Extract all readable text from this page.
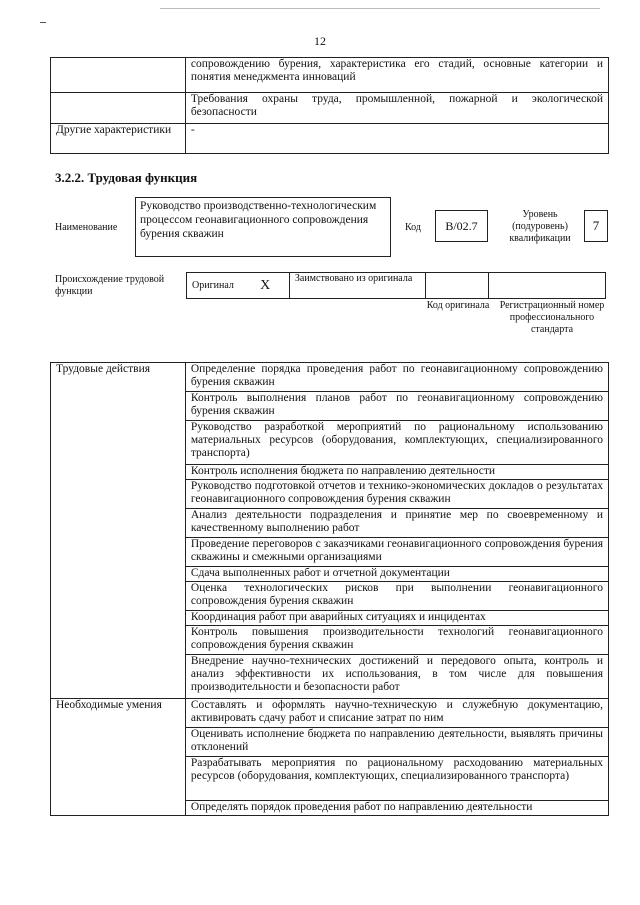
12
	сопровождению бурения, характеристика его стадий, основные категории и понятия менеджмента инноваций
	Требования охраны труда, промышленной, пожарной и экологической безопасности
Другие характеристики	-
3.2.2. Трудовая функция
Наименование
Руководство производственно-технологическим процессом геонавигационного сопровождения бурения скважин
Код	B/02.7
Уровень (подуровень) квалификации
7
Происхождение трудовой функции
Оригинал	X	Заимствовано из оригинала		
Код оригинала	Регистрационный номер профессионального стандарта
Трудовые действия	Определение порядка проведения работ по геонавигационному сопровождению бурения скважин
	Контроль выполнения планов работ по геонавигационному сопровождению бурения скважин
	Руководство разработкой мероприятий по рациональному использованию материальных ресурсов (оборудования, комплектующих, специализированного транспорта)
	Контроль исполнения бюджета по направлению деятельности
	Руководство подготовкой отчетов и технико-экономических докладов о результатах геонавигационного сопровождения бурения скважин
	Анализ деятельности подразделения и принятие мер по своевременному и качественному выполнению работ
	Проведение переговоров с заказчиками геонавигационного сопровождения бурения скважины и смежными организациями
	Сдача выполненных работ и отчетной документации
	Оценка технологических рисков при выполнении геонавигационного сопровождения бурения скважин
	Координация работ при аварийных ситуациях и инцидентах
	Контроль повышения производительности технологий геонавигационного сопровождения бурения скважин
	Внедрение научно-технических достижений и передового опыта, контроль и анализ эффективности их использования, в том числе для повышения производительности и безопасности работ
Необходимые умения	Составлять и оформлять научно-техническую и служебную документацию, активировать сдачу работ и списание затрат по ним
	Оценивать исполнение бюджета по направлению деятельности, выявлять причины отклонений
	Разрабатывать мероприятия по рациональному расходованию материальных ресурсов (оборудования, комплектующих, специализированного транспорта)
	Определять порядок проведения работ по направлению деятельности
